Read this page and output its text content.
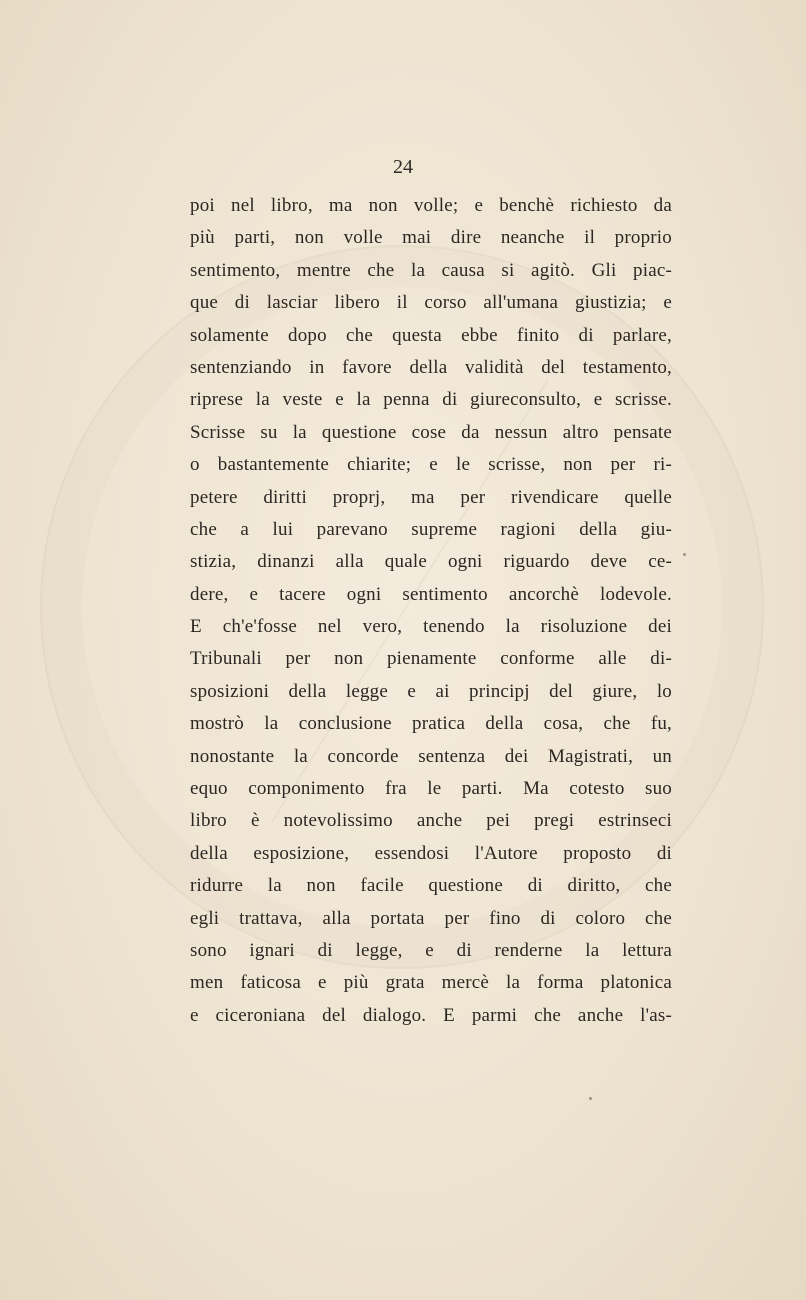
24
poi nel libro, ma non volle; e benchè richiesto da
più parti, non volle mai dire neanche il proprio
sentimento, mentre che la causa si agitò. Gli piac-
que di lasciar libero il corso all'umana giustizia; e
solamente dopo che questa ebbe finito di parlare,
sentenziando in favore della validità del testamento,
riprese la veste e la penna di giureconsulto, e scrisse.
Scrisse su la questione cose da nessun altro pensate
o bastantemente chiarite; e le scrisse, non per ri-
petere diritti proprj, ma per rivendicare quelle
che a lui parevano supreme ragioni della giu-
stizia, dinanzi alla quale ogni riguardo deve ce-
dere, e tacere ogni sentimento ancorchè lodevole.
E ch'e'fosse nel vero, tenendo la risoluzione dei
Tribunali per non pienamente conforme alle di-
sposizioni della legge e ai principj del giure, lo
mostrò la conclusione pratica della cosa, che fu,
nonostante la concorde sentenza dei Magistrati, un
equo componimento fra le parti. Ma cotesto suo
libro è notevolissimo anche pei pregi estrinseci
della esposizione, essendosi l'Autore proposto di
ridurre la non facile questione di diritto, che
egli trattava, alla portata per fino di coloro che
sono ignari di legge, e di renderne la lettura
men faticosa e più grata mercè la forma platonica
e ciceroniana del dialogo. E parmi che anche l'as-
